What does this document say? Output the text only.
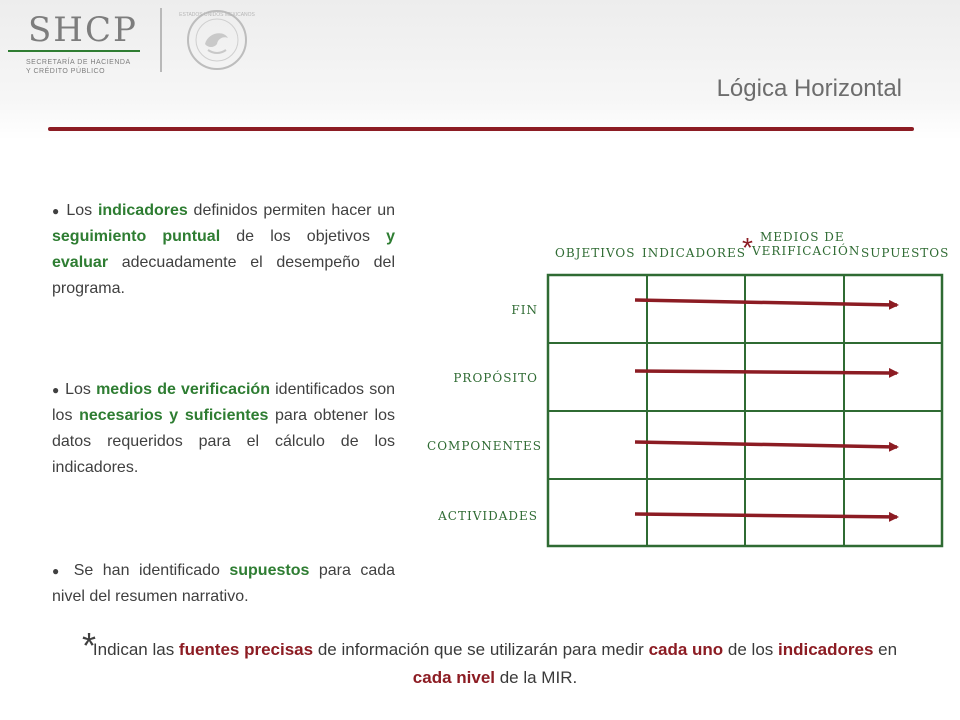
SHCP
SECRETARÍA DE HACIENDA
Y CRÉDITO PÚBLICO
ESTADOS UNIDOS MEXICANOS
Lógica Horizontal
● Los indicadores definidos permiten hacer un seguimiento puntual de los objetivos y evaluar adecuadamente el desempeño del programa.
● Los medios de verificación identificados son los necesarios y suficientes para obtener los datos requeridos para el cálculo de los indicadores.
● Se han identificado supuestos para cada nivel del resumen narrativo.
OBJETIVOS INDICADORES
MEDIOS DE
VERIFICACIÓN SUPUESTOS
*
FIN
PROPÓSITO
COMPONENTES
ACTIVIDADES
*
Indican las fuentes precisas de información que se utilizarán para medir cada uno de los indicadores en cada nivel de la MIR.
